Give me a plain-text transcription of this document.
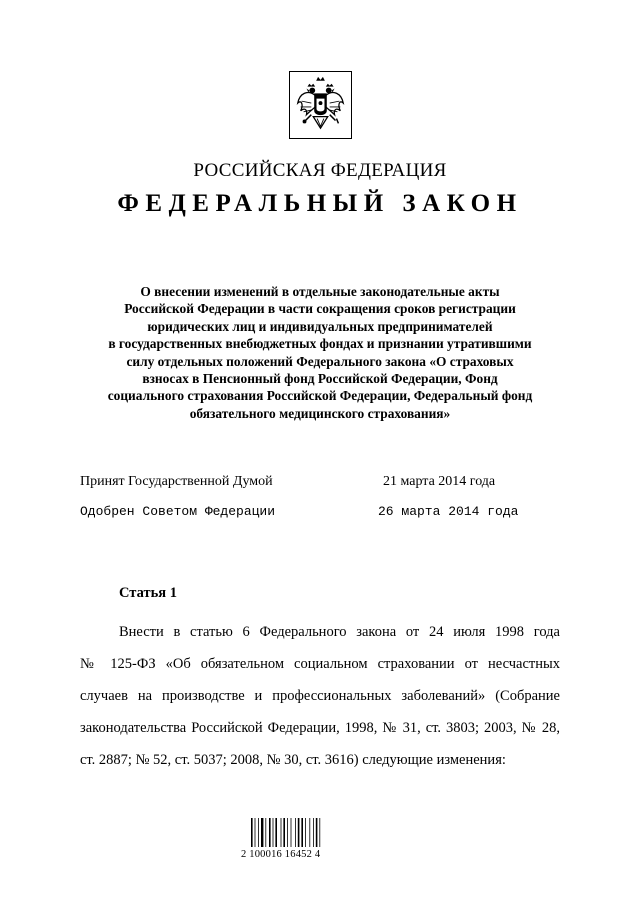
РОССИЙСКАЯ ФЕДЕРАЦИЯ
ФЕДЕРАЛЬНЫЙ ЗАКОН
О внесении изменений в отдельные законодательные акты
Российской Федерации в части сокращения сроков регистрации
юридических лиц и индивидуальных предпринимателей
в государственных внебюджетных фондах и признании утратившими
силу отдельных положений Федерального закона «О страховых
взносах в Пенсионный фонд Российской Федерации, Фонд
социального страхования Российской Федерации, Федеральный фонд
обязательного медицинского страхования»
Принят Государственной Думой	21 марта 2014 года
Одобрен Советом Федерации	26 марта 2014 года
Статья 1
Внести в статью 6 Федерального закона от 24 июля 1998 года
№ 125-ФЗ «Об обязательном социальном страховании от несчастных
случаев на производстве и профессиональных заболеваний» (Собрание
законодательства Российской Федерации, 1998, № 31, ст. 3803; 2003, № 28,
ст. 2887; № 52, ст. 5037; 2008, № 30, ст. 3616) следующие изменения:
2 100016 16452 4
